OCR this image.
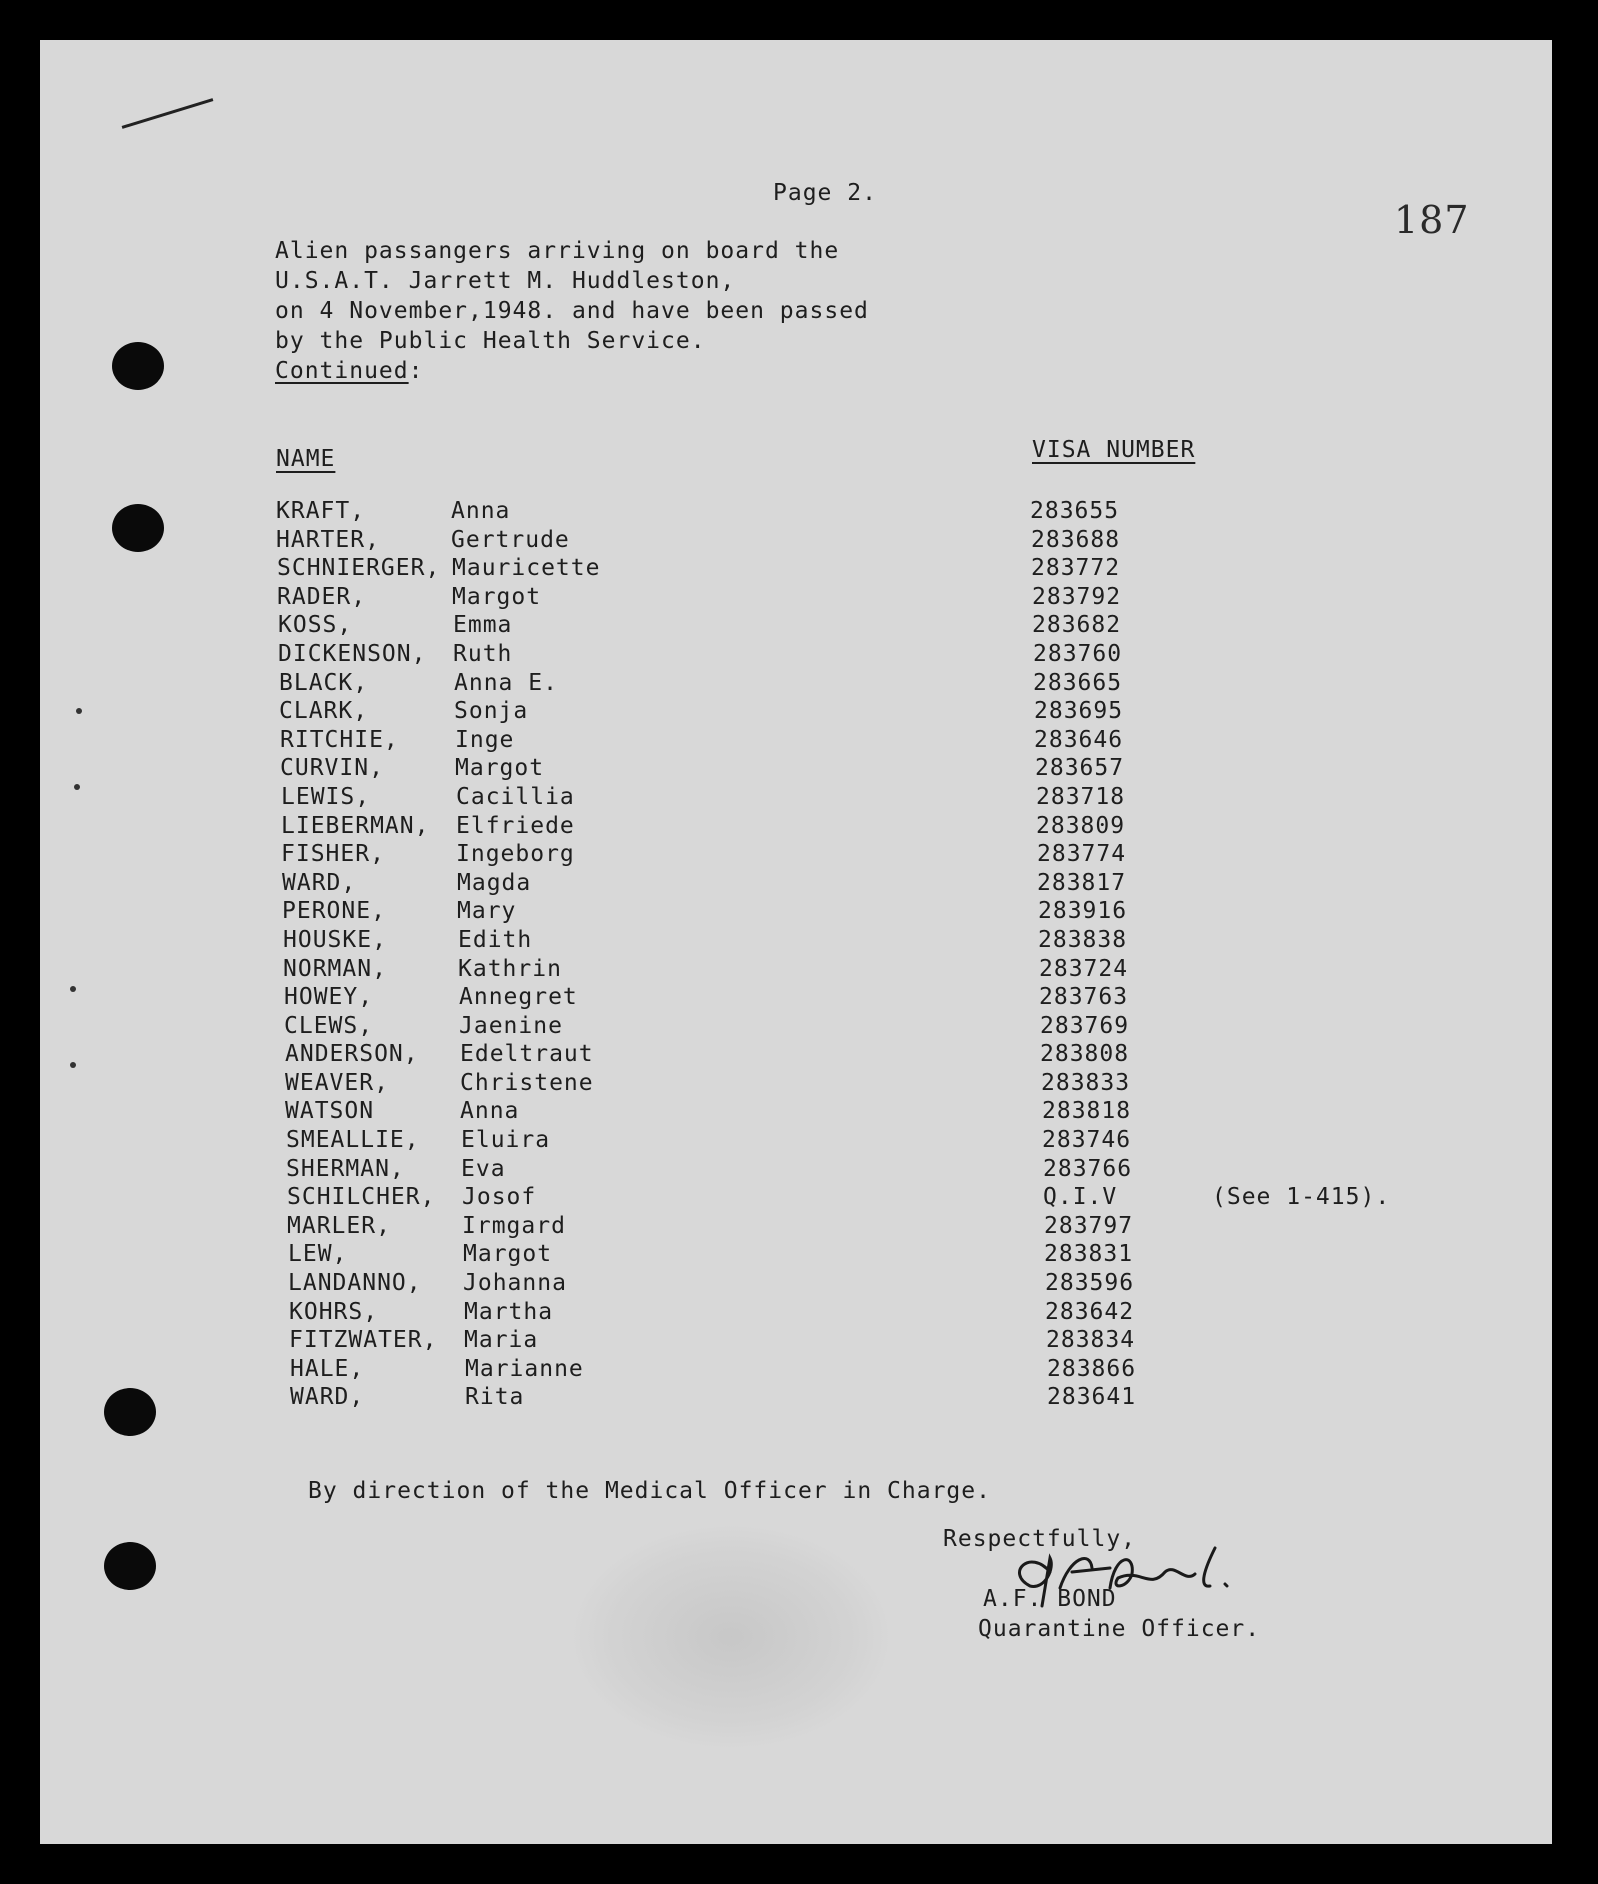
Page 2.
187
Alien passangers arriving on board the
U.S.A.T. Jarrett M. Huddleston,
on 4 November,1948. and have been passed
by the Public Health Service.
Continued:
NAME	VISA NUMBER
KRAFT,	Anna	283655
HARTER,	Gertrude	283688
SCHNIERGER, Mauricette	283772
RADER,	Margot	283792
KOSS,	Emma	283682
DICKENSON, Ruth	283760
BLACK,	Anna E.	283665
CLARK,	Sonja	283695
RITCHIE, Inge	283646
CURVIN,	Margot	283657
LEWIS,	Cacillia	283718
LIEBERMAN, Elfriede	283809
FISHER,	Ingeborg	283774
WARD,	Magda	283817
PERONE,	Mary	283916
HOUSKE,	Edith	283838
NORMAN,	Kathrin	283724
HOWEY,	Annegret	283763
CLEWS,	Jaenine	283769
ANDERSON, Edeltraut	283808
WEAVER,	Christene	283833
WATSON	Anna	283818
SMEALLIE, Eluira	283746
SHERMAN, Eva	283766
SCHILCHER, Josof	Q.I.V	(See 1-415).
MARLER,	Irmgard	283797
LEW,	Margot	283831
LANDANNO, Johanna	283596
KOHRS,	Martha	283642
FITZWATER, Maria	283834
HALE,	Marianne	283866
WARD,	Rita	283641
By direction of the Medical Officer in Charge.
Respectfully,
A.F. BOND
Quarantine Officer.
